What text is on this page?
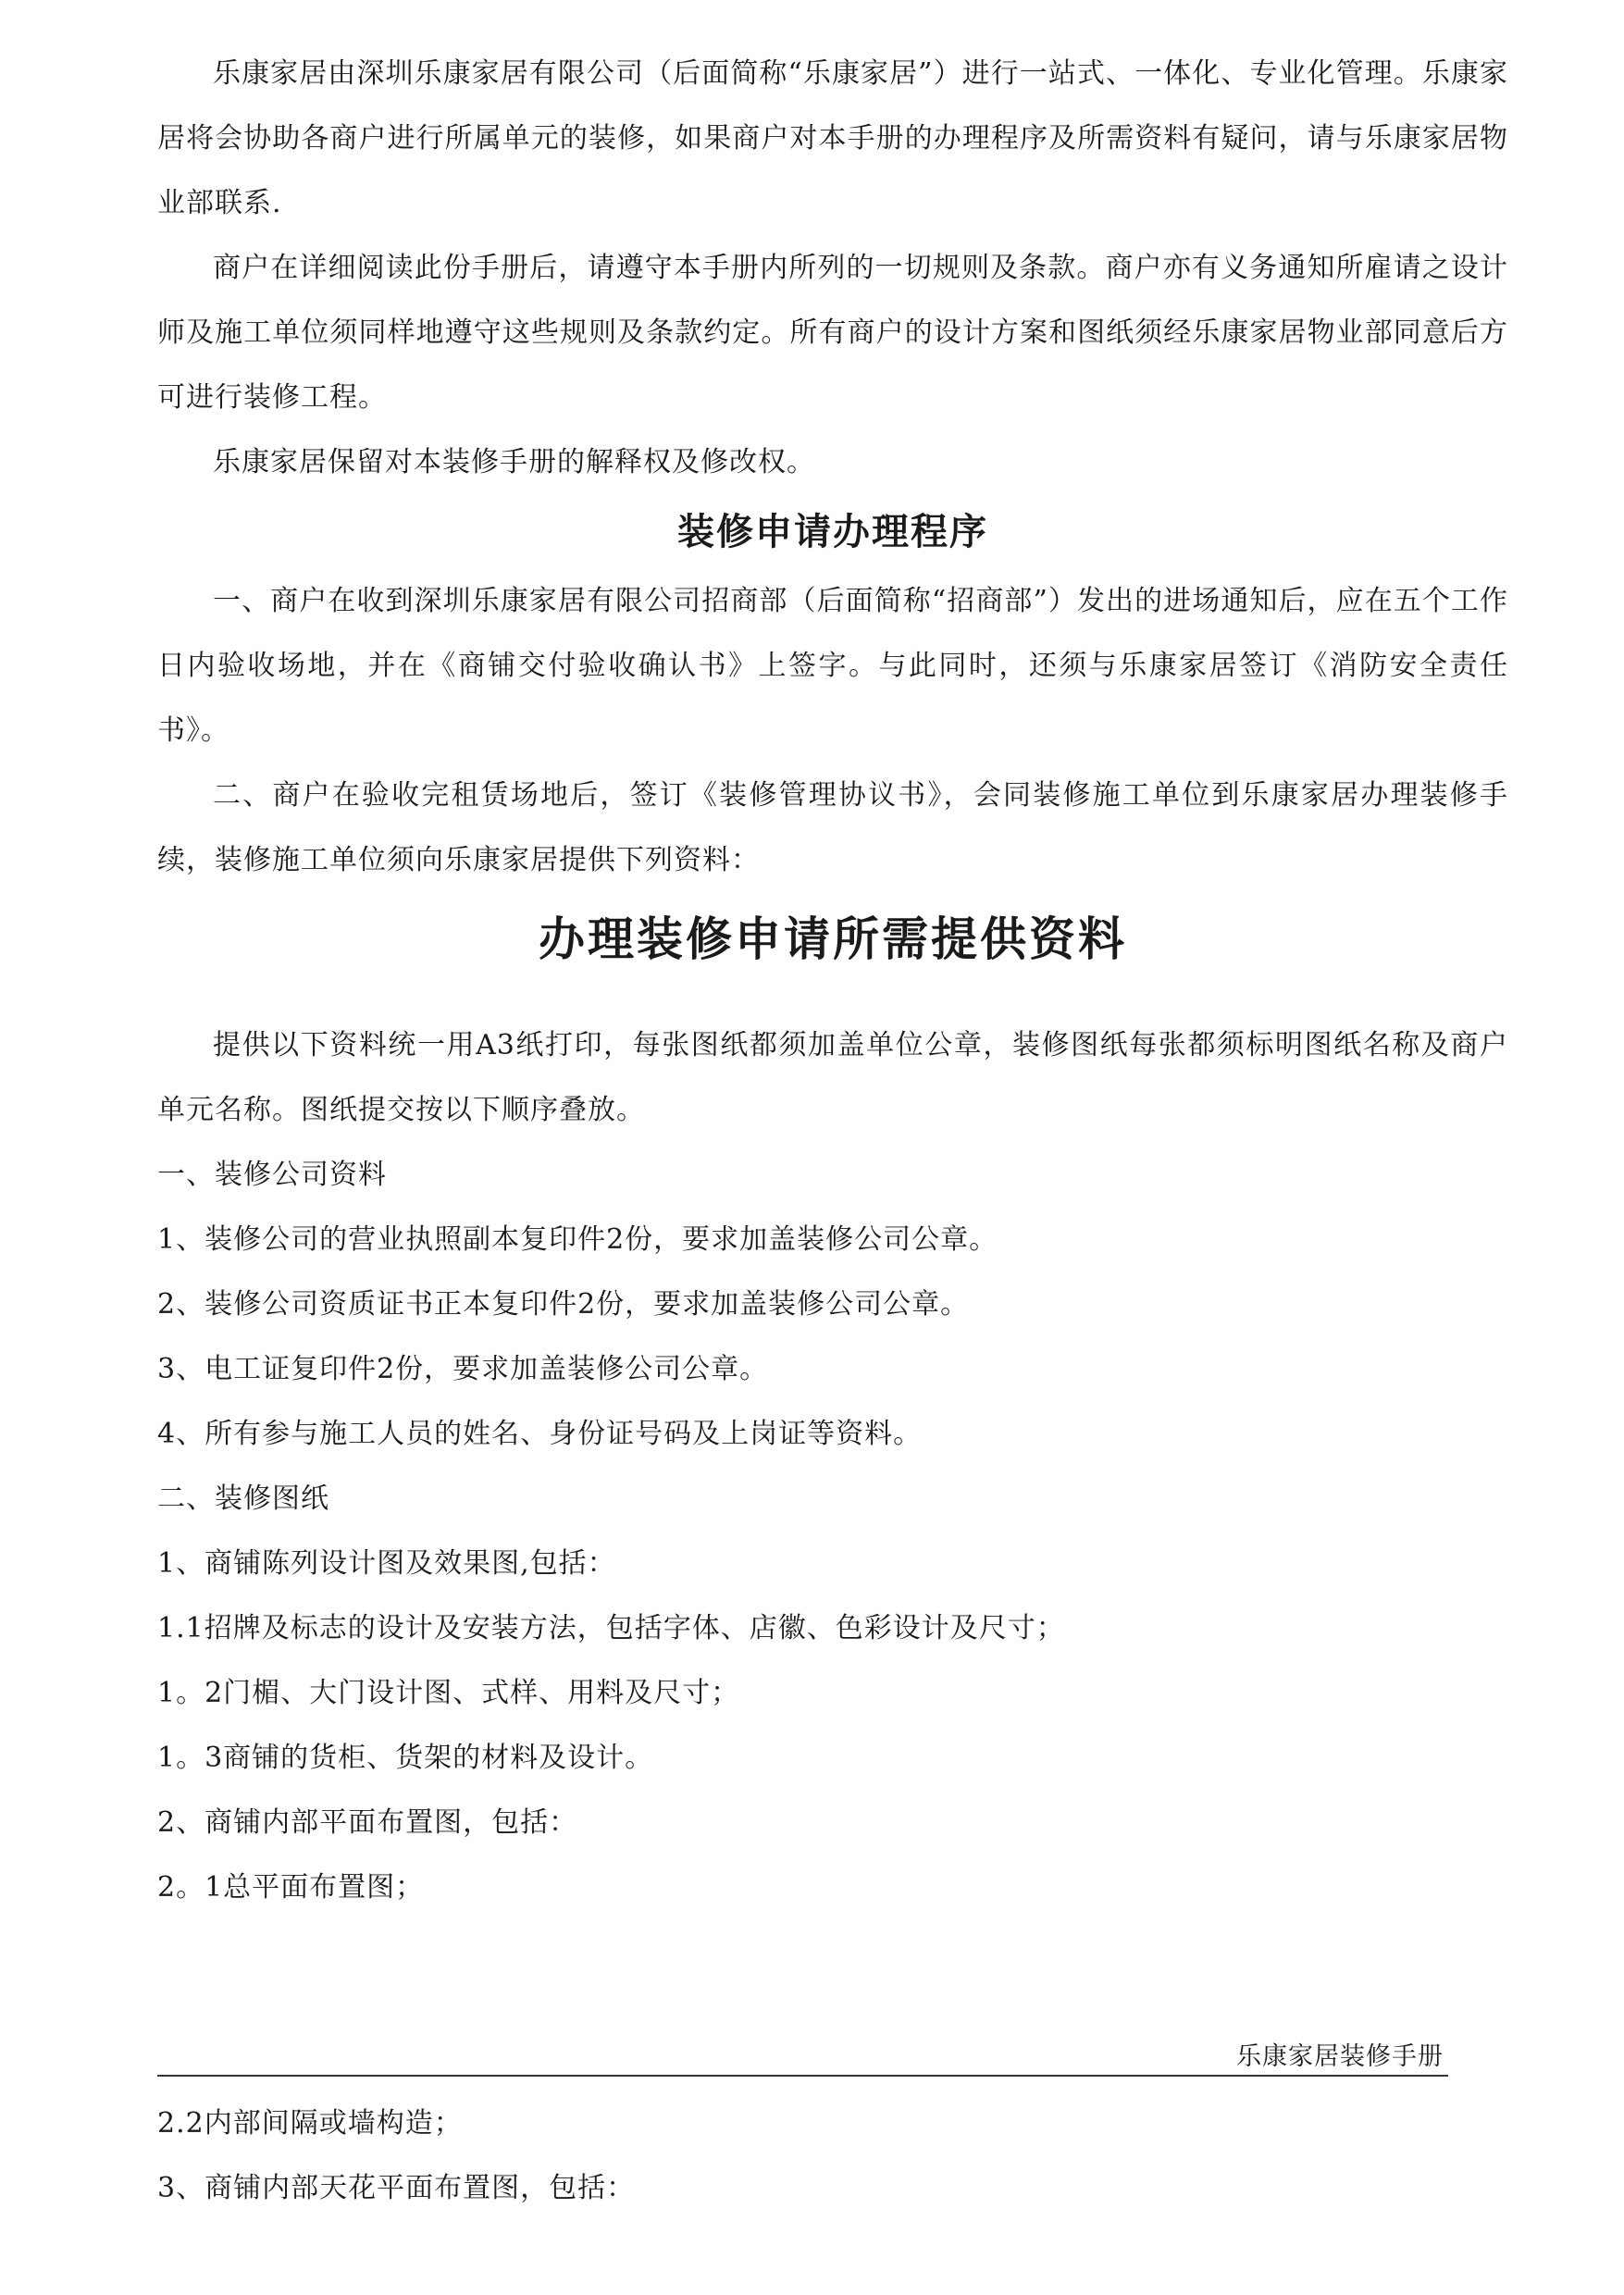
乐康家居由深圳乐康家居有限公司（后面简称“乐康家居”）进行一站式、一体化、专业化管理。乐康家居将会协助各商户进行所属单元的装修，如果商户对本手册的办理程序及所需资料有疑问，请与乐康家居物业部联系.

商户在详细阅读此份手册后，请遵守本手册内所列的一切规则及条款。商户亦有义务通知所雇请之设计师及施工单位须同样地遵守这些规则及条款约定。所有商户的设计方案和图纸须经乐康家居物业部同意后方可进行装修工程。

乐康家居保留对本装修手册的解释权及修改权。

装修申请办理程序

一、商户在收到深圳乐康家居有限公司招商部（后面简称“招商部”）发出的进场通知后，应在五个工作日内验收场地，并在《商铺交付验收确认书》上签字。与此同时，还须与乐康家居签订《消防安全责任书》。

二、商户在验收完租赁场地后，签订《装修管理协议书》，会同装修施工单位到乐康家居办理装修手续，装修施工单位须向乐康家居提供下列资料：

办理装修申请所需提供资料

提供以下资料统一用A3纸打印，每张图纸都须加盖单位公章，装修图纸每张都须标明图纸名称及商户单元名称。图纸提交按以下顺序叠放。

一、装修公司资料

1、装修公司的营业执照副本复印件2份，要求加盖装修公司公章。

2、装修公司资质证书正本复印件2份，要求加盖装修公司公章。

3、电工证复印件2份，要求加盖装修公司公章。

4、所有参与施工人员的姓名、身份证号码及上岗证等资料。

二、装修图纸

1、商铺陈列设计图及效果图,包括：

1.1招牌及标志的设计及安装方法，包括字体、店徽、色彩设计及尺寸；

1。2门楣、大门设计图、式样、用料及尺寸；

1。3商铺的货柜、货架的材料及设计。

2、商铺内部平面布置图，包括：

2。1总平面布置图；

乐康家居装修手册

2.2内部间隔或墙构造；

3、商铺内部天花平面布置图，包括：
